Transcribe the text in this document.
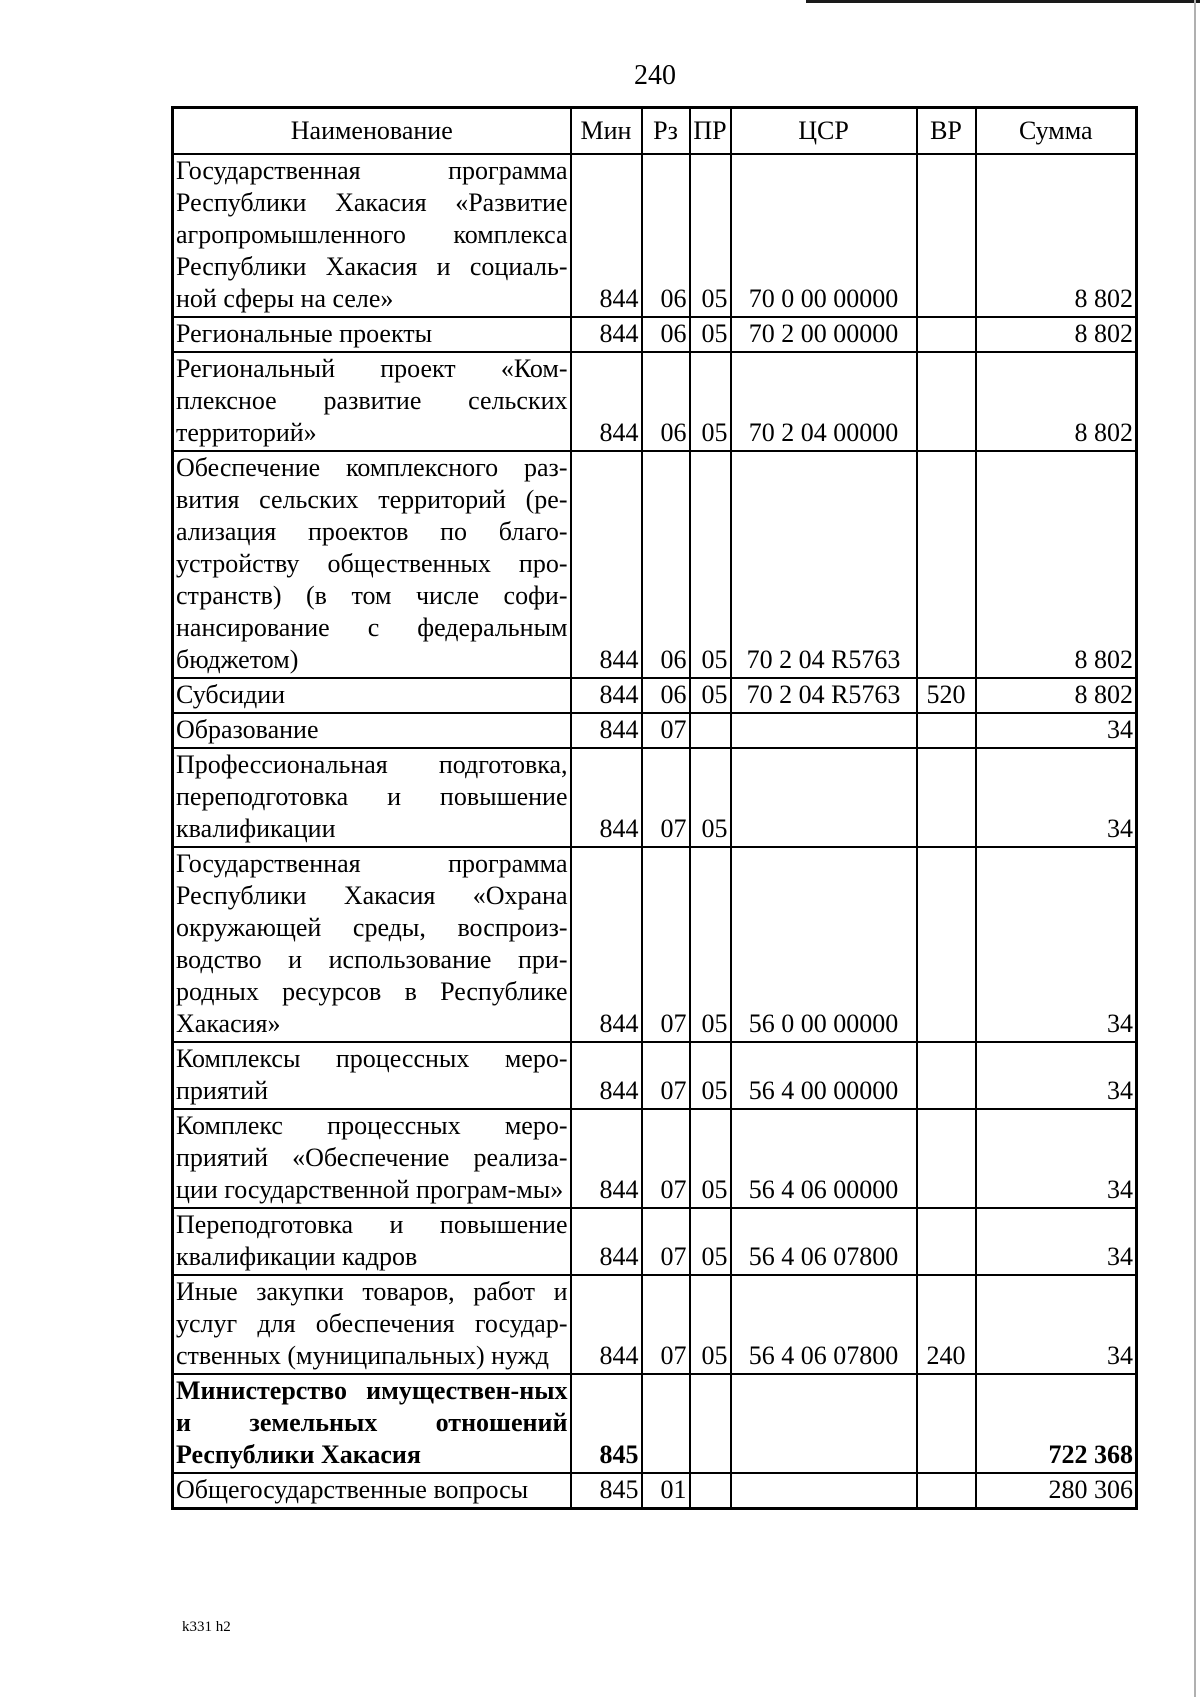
240
Наименование	Мин	Рз	ПР	ЦСР	ВР	Сумма
Государственная программа Республики Хакасия «Развитие агропромышленного комплекса Республики Хакасия и социаль-ной сферы на селе»	844	06	05	70 0 00 00000		8 802
Региональные проекты	844	06	05	70 2 00 00000		8 802
Региональный проект «Ком-плексное развитие сельских территорий»	844	06	05	70 2 04 00000		8 802
Обеспечение комплексного раз-вития сельских территорий (ре-ализация проектов по благо-устройству общественных про-странств) (в том числе софи-нансирование с федеральным бюджетом)	844	06	05	70 2 04 R5763		8 802
Субсидии	844	06	05	70 2 04 R5763	520	8 802
Образование	844	07				34
Профессиональная подготовка, переподготовка и повышение квалификации	844	07	05			34
Государственная программа Республики Хакасия «Охрана окружающей среды, воспроиз-водство и использование при-родных ресурсов в Республике Хакасия»	844	07	05	56 0 00 00000		34
Комплексы процессных меро-приятий	844	07	05	56 4 00 00000		34
Комплекс процессных меро-приятий «Обеспечение реализа-ции государственной програм-мы»	844	07	05	56 4 06 00000		34
Переподготовка и повышение квалификации кадров	844	07	05	56 4 06 07800		34
Иные закупки товаров, работ и услуг для обеспечения государ-ственных (муниципальных) нужд	844	07	05	56 4 06 07800	240	34
Министерство имуществен-ных и земельных отношений Республики Хакасия	845					722 368
Общегосударственные вопросы	845	01				280 306
k331 h2
